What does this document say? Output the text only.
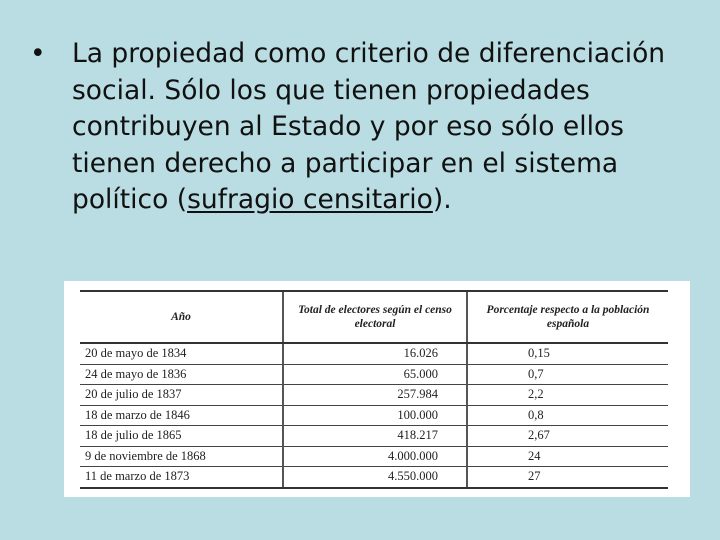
• La propiedad como criterio de diferenciación social. Sólo los que tienen propiedades contribuyen al Estado y por eso sólo ellos tienen derecho a participar en el sistema político (sufragio censitario).
Año	Total de electores según el censo electoral	Porcentaje respecto a la población española
20 de mayo de 1834	16.026	0,15
24 de mayo de 1836	65.000	0,7
20 de julio de 1837	257.984	2,2
18 de marzo de 1846	100.000	0,8
18 de julio de 1865	418.217	2,67
9 de noviembre de 1868	4.000.000	24
11 de marzo de 1873	4.550.000	27
